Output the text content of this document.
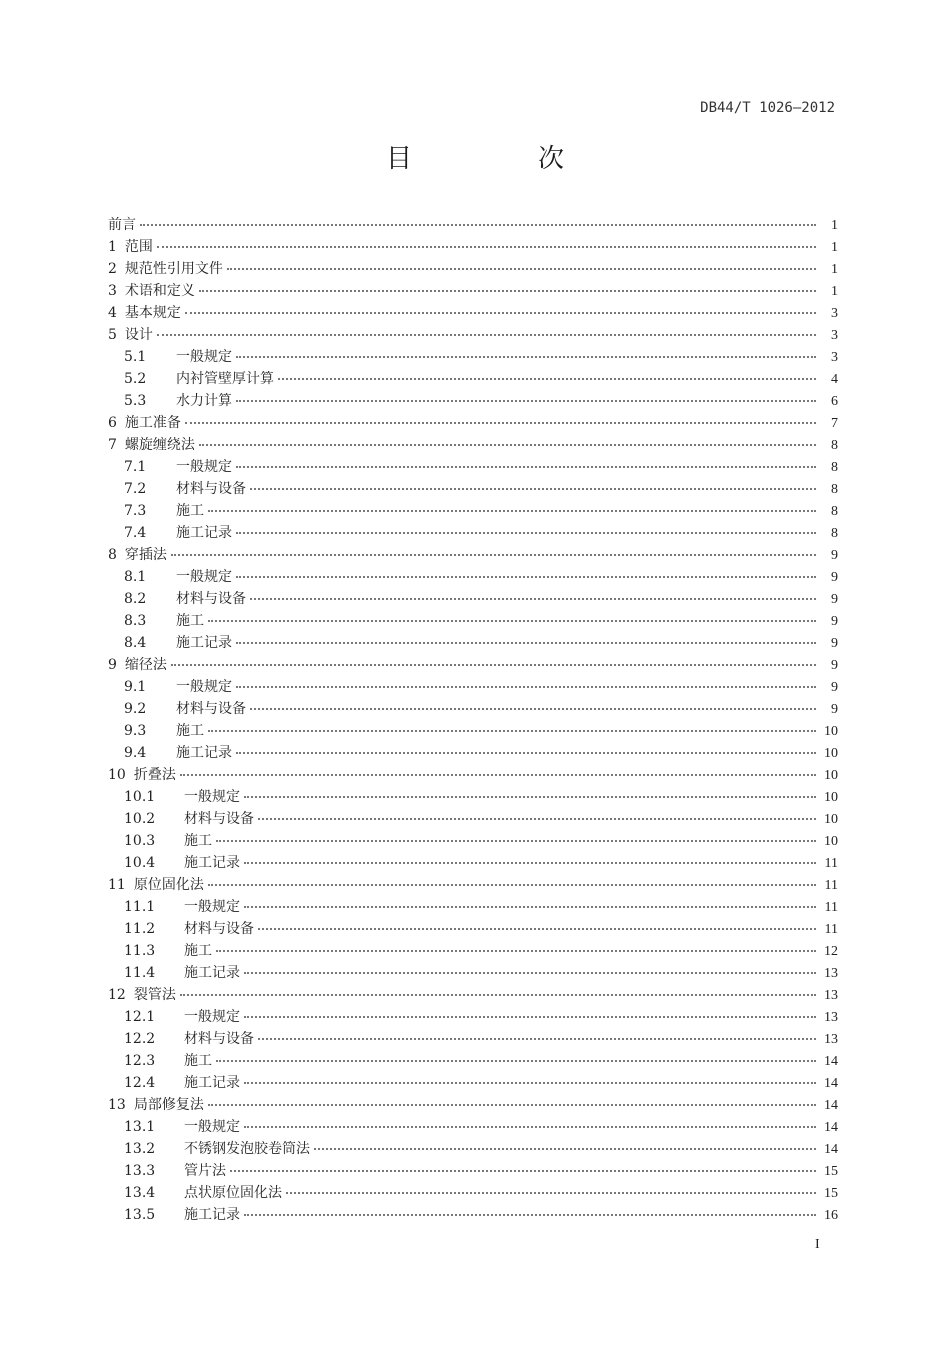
DB44/T 1026—2012
目　次
前言	1
1 范围	1
2 规范性引用文件	1
3 术语和定义	1
4 基本规定	3
5 设计	3
5.1	一般规定	3
5.2	内衬管壁厚计算	4
5.3	水力计算	6
6 施工准备	7
7 螺旋缠绕法	8
7.1	一般规定	8
7.2	材料与设备	8
7.3	施工	8
7.4	施工记录	8
8 穿插法	9
8.1	一般规定	9
8.2	材料与设备	9
8.3	施工	9
8.4	施工记录	9
9 缩径法	9
9.1	一般规定	9
9.2	材料与设备	9
9.3	施工	10
9.4	施工记录	10
10 折叠法	10
10.1	一般规定	10
10.2	材料与设备	10
10.3	施工	10
10.4	施工记录	11
11 原位固化法	11
11.1	一般规定	11
11.2	材料与设备	11
11.3	施工	12
11.4	施工记录	13
12 裂管法	13
12.1	一般规定	13
12.2	材料与设备	13
12.3	施工	14
12.4	施工记录	14
13 局部修复法	14
13.1	一般规定	14
13.2	不锈钢发泡胶卷筒法	14
13.3	管片法	15
13.4	点状原位固化法	15
13.5	施工记录	16
I
